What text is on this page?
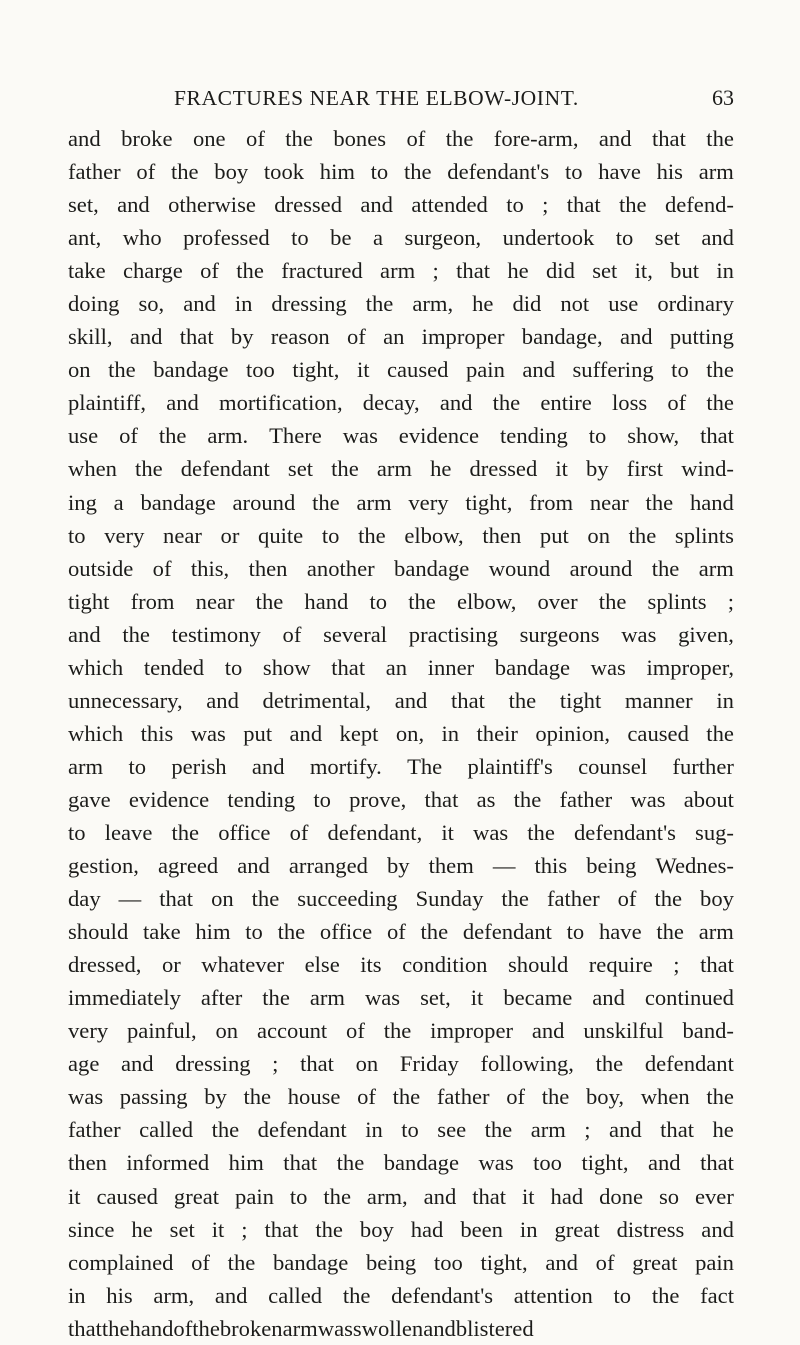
FRACTURES NEAR THE ELBOW-JOINT.	63
and broke one of the bones of the fore-arm, and that the
father of the boy took him to the defendant's to have his arm
set, and otherwise dressed and attended to ; that the defend-
ant, who professed to be a surgeon, undertook to set and
take charge of the fractured arm ; that he did set it, but in
doing so, and in dressing the arm, he did not use ordinary
skill, and that by reason of an improper bandage, and putting
on the bandage too tight, it caused pain and suffering to the
plaintiff, and mortification, decay, and the entire loss of the
use of the arm. There was evidence tending to show, that
when the defendant set the arm he dressed it by first wind-
ing a bandage around the arm very tight, from near the hand
to very near or quite to the elbow, then put on the splints
outside of this, then another bandage wound around the arm
tight from near the hand to the elbow, over the splints ;
and the testimony of several practising surgeons was given,
which tended to show that an inner bandage was improper,
unnecessary, and detrimental, and that the tight manner in
which this was put and kept on, in their opinion, caused the
arm to perish and mortify. The plaintiff's counsel further
gave evidence tending to prove, that as the father was about
to leave the office of defendant, it was the defendant's sug-
gestion, agreed and arranged by them — this being Wednes-
day — that on the succeeding Sunday the father of the boy
should take him to the office of the defendant to have the arm
dressed, or whatever else its condition should require ; that
immediately after the arm was set, it became and continued
very painful, on account of the improper and unskilful band-
age and dressing ; that on Friday following, the defendant
was passing by the house of the father of the boy, when the
father called the defendant in to see the arm ; and that he
then informed him that the bandage was too tight, and that
it caused great pain to the arm, and that it had done so ever
since he set it ; that the boy had been in great distress and
complained of the bandage being too tight, and of great pain
in his arm, and called the defendant's attention to the fact
that the hand of the broken arm was swollen and blistered
